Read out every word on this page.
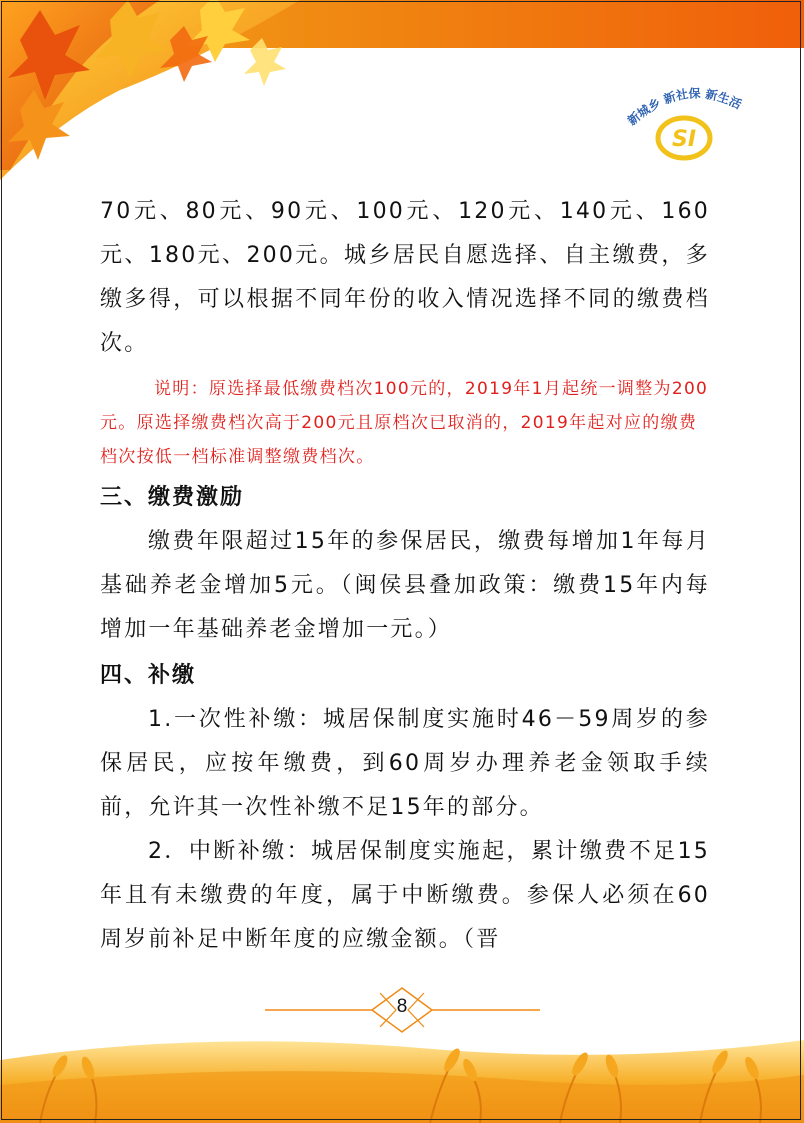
新城乡 新社保 新生活
SI

70元、80元、90元、100元、120元、140元、160元、180元、200元。城乡居民自愿选择、自主缴费，多缴多得，可以根据不同年份的收入情况选择不同的缴费档次。

说明：原选择最低缴费档次100元的，2019年1月起统一调整为200元。原选择缴费档次高于200元且原档次已取消的，2019年起对应的缴费档次按低一档标准调整缴费档次。

三、缴费激励

缴费年限超过15年的参保居民，缴费每增加1年每月基础养老金增加5元。（闽侯县叠加政策：缴费15年内每增加一年基础养老金增加一元。）

四、补缴

1.一次性补缴：城居保制度实施时46－59周岁的参保居民，应按年缴费，到60周岁办理养老金领取手续前，允许其一次性补缴不足15年的部分。

2．中断补缴：城居保制度实施起，累计缴费不足15年且有未缴费的年度，属于中断缴费。参保人必须在60周岁前补足中断年度的应缴金额。（晋

8
